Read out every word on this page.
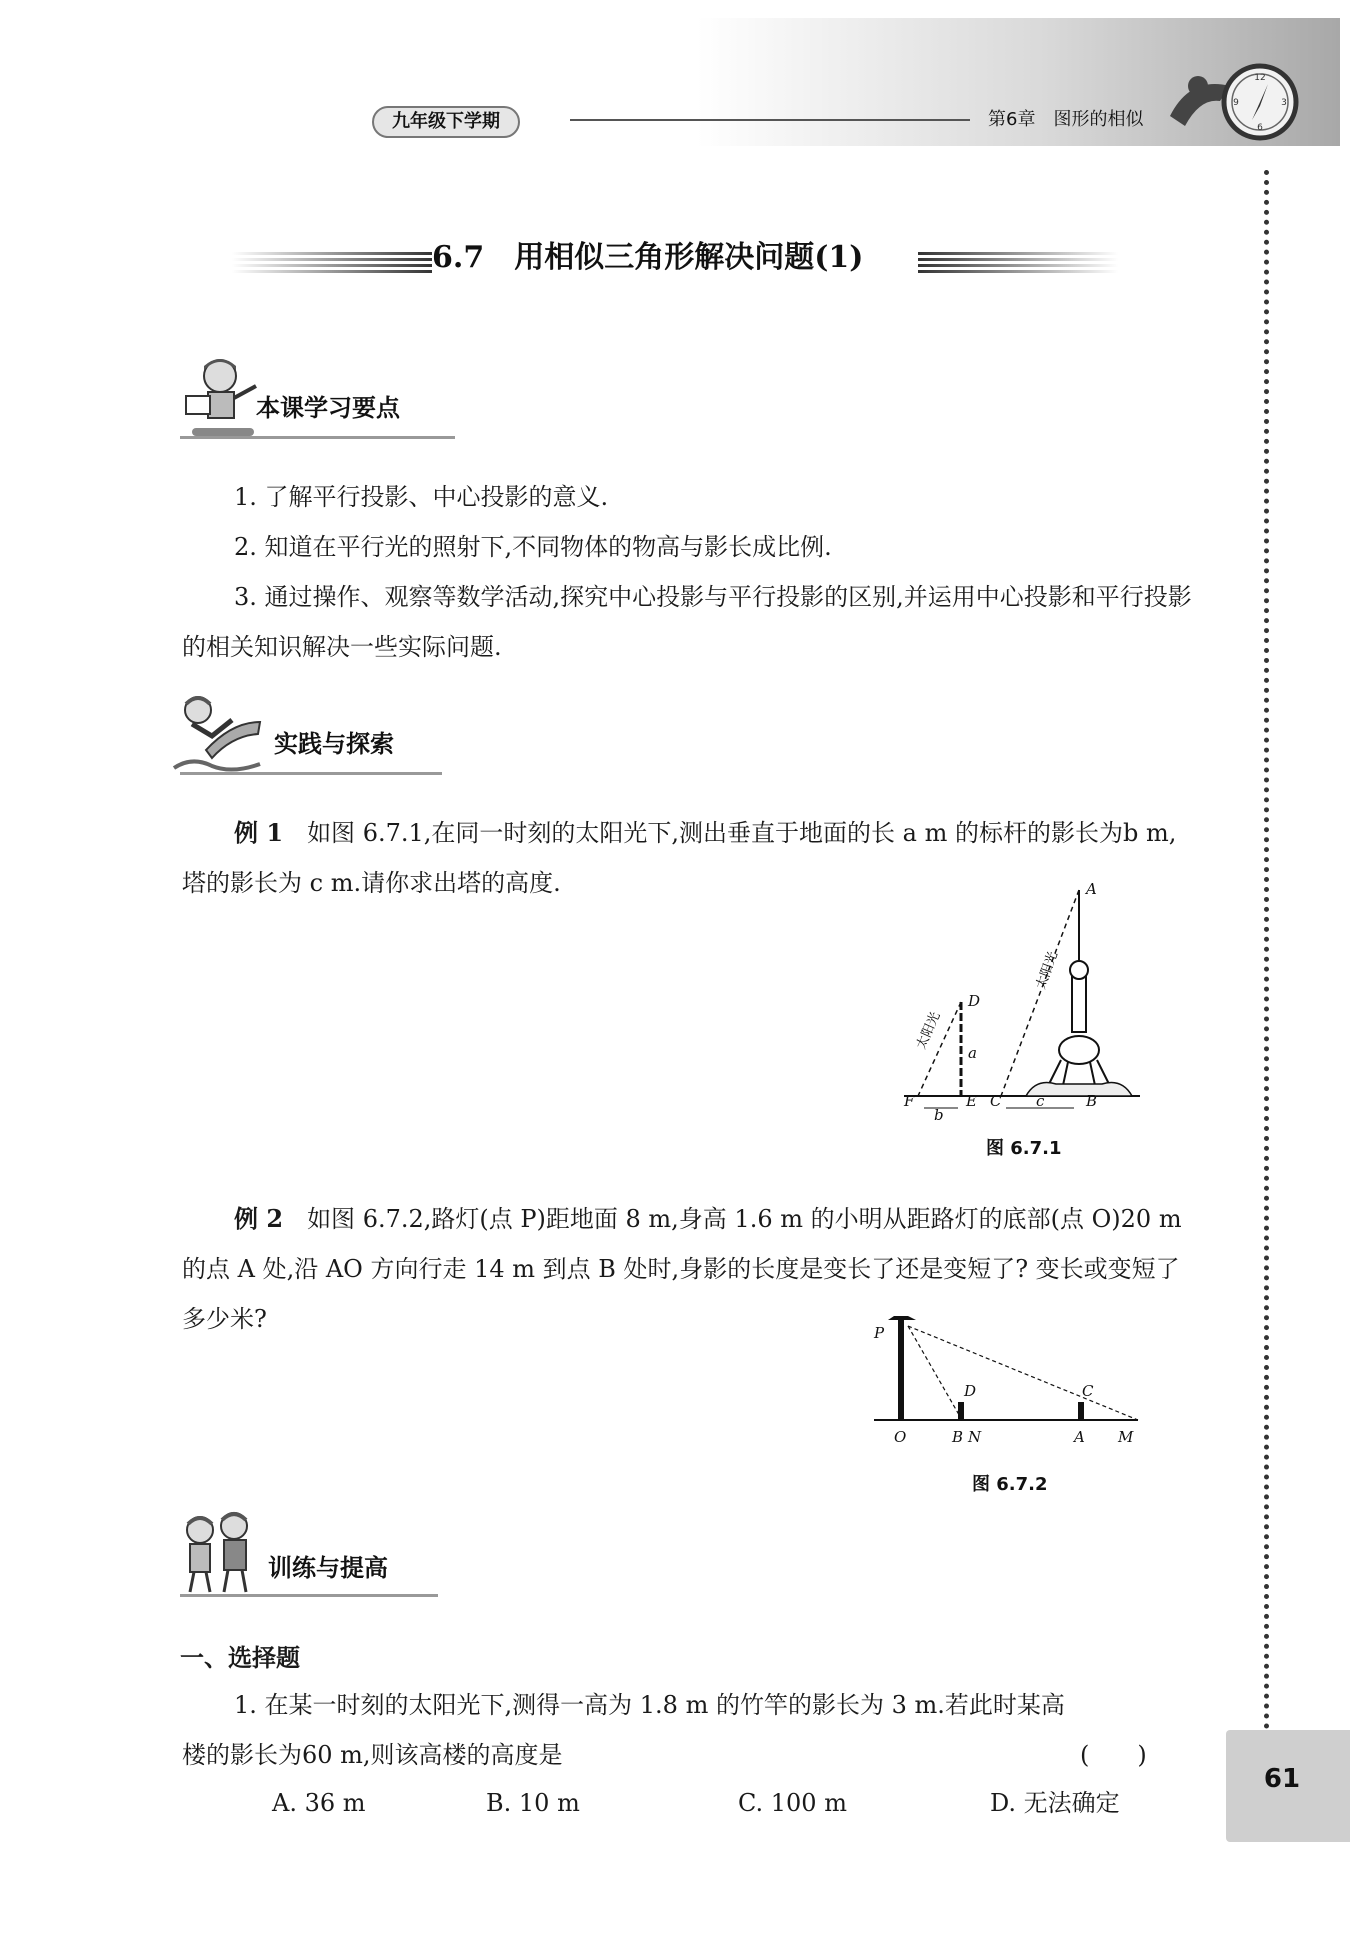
九年级下学期	第6章　图形的相似
12
3
6
9
6.7　用相似三角形解决问题(1)
本课学习要点

1. 了解平行投影、中心投影的意义.

2. 知道在平行光的照射下,不同物体的物高与影长成比例.

3. 通过操作、观察等数学活动,探究中心投影与平行投影的区别,并运用中心投影和平行投影的相关知识解决一些实际问题.

实践与探索

例 1　 如图 6.7.1,在同一时刻的太阳光下,测出垂直于地面的长 a m 的标杆的影长为b m,塔的影长为 c m.请你求出塔的高度.	A
D
a
F
b
E C c	B
太阳光
太阳光
图 6.7.1

例 2　 如图 6.7.2,路灯(点 P)距地面 8 m,身高 1.6 m 的小明从距路灯的底部(点 O)20 m 的点 A 处,沿 AO 方向行走 14 m 到点 B 处时,身影的长度是变长了还是变短了? 变长或变短了多少米?	P
D	C
O	B N	A M
图 6.7.2
训练与提高
一、选择题

1. 在某一时刻的太阳光下,测得一高为 1.8 m 的竹竿的影长为 3 m.若此时某高楼的影长为60 m,则该高楼的高度是	(　　)
A. 36 m	B. 10 m	C. 100 m	D. 无法确定
61
